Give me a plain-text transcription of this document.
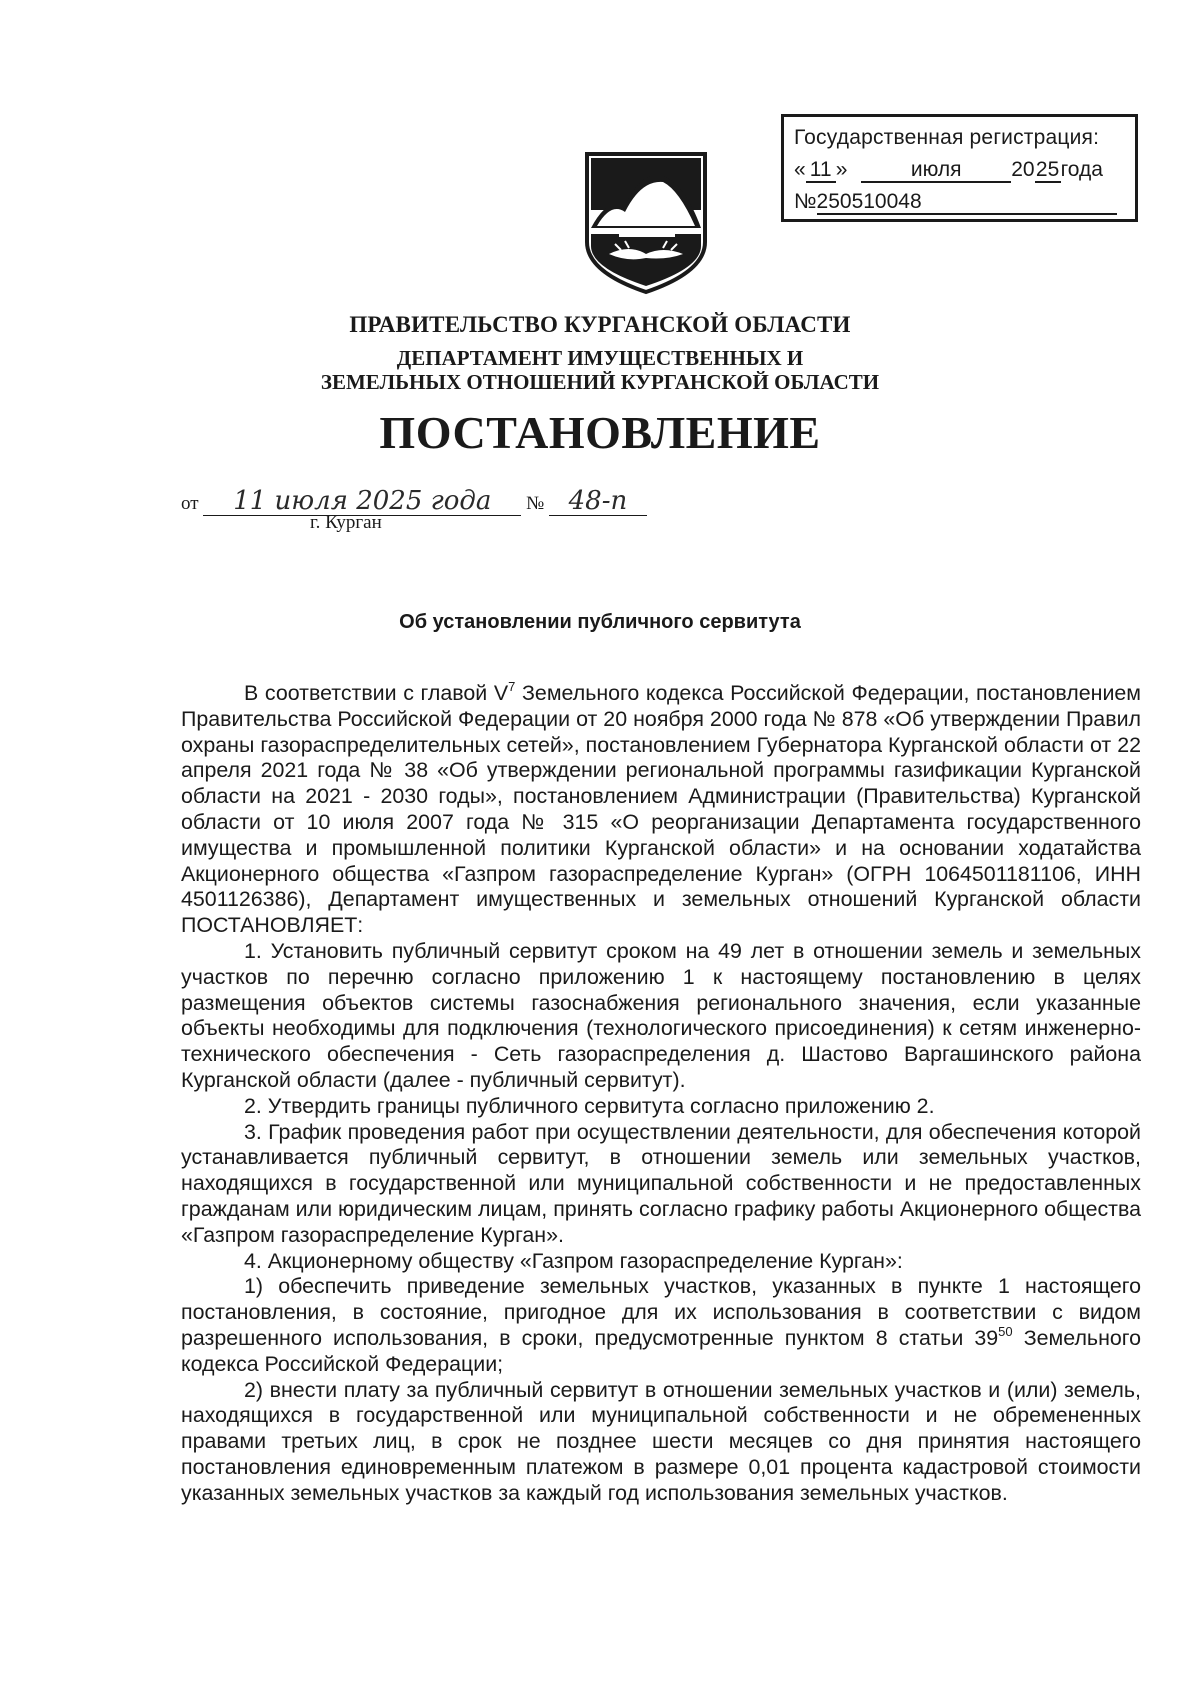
Государственная регистрация:
« 11 »	июля 2025года
№250510048
ПРАВИТЕЛЬСТВО КУРГАНСКОЙ ОБЛАСТИ
ДЕПАРТАМЕНТ ИМУЩЕСТВЕННЫХ И
ЗЕМЕЛЬНЫХ ОТНОШЕНИЙ КУРГАНСКОЙ ОБЛАСТИ
ПОСТАНОВЛЕНИЕ
от 11 июля 2025 года № 48-п
г. Курган
Об установлении публичного сервитута

В соответствии с главой $V^7$ Земельного кодекса Российской Федерации, постановлением Правительства Российской Федерации от 20 ноября 2000 года № 878 «Об утверждении Правил охраны газораспределительных сетей», постановлением Губернатора Курганской области от 22 апреля 2021 года № 38 «Об утверждении региональной программы газификации Курганской области на 2021 - 2030 годы», постановлением Администрации (Правительства) Курганской области от 10 июля 2007 года № 315 «О реорганизации Департамента государственного имущества и промышленной политики Курганской области» и на основании ходатайства Акционерного общества «Газпром газораспределение Курган» (ОГРН 1064501181106, ИНН 4501126386), Департамент имущественных и земельных отношений Курганской области ПОСТАНОВЛЯЕТ:

1. Установить публичный сервитут сроком на 49 лет в отношении земель и земельных участков по перечню согласно приложению 1 к настоящему постановлению в целях размещения объектов системы газоснабжения регионального значения, если указанные объекты необходимы для подключения (технологического присоединения) к сетям инженерно-технического обеспечения - Сеть газораспределения д. Шастово Варгашинского района Курганской области (далее - публичный сервитут).

2. Утвердить границы публичного сервитута согласно приложению 2.

3. График проведения работ при осуществлении деятельности, для обеспечения которой устанавливается публичный сервитут, в отношении земель или земельных участков, находящихся в государственной или муниципальной собственности и не предоставленных гражданам или юридическим лицам, принять согласно графику работы Акционерного общества «Газпром газораспределение Курган».

4. Акционерному обществу «Газпром газораспределение Курган»:

1) обеспечить приведение земельных участков, указанных в пункте 1 настоящего постановления, в состояние, пригодное для их использования в соответствии с видом разрешенного использования, в сроки, предусмотренные пунктом 8 статьи $39^{50}$ Земельного кодекса Российской Федерации;

2) внести плату за публичный сервитут в отношении земельных участков и (или) земель, находящихся в государственной или муниципальной собственности и не обремененных правами третьих лиц, в срок не позднее шести месяцев со дня принятия настоящего постановления единовременным платежом в размере 0,01 процента кадастровой стоимости указанных земельных участков за каждый год использования земельных участков.
